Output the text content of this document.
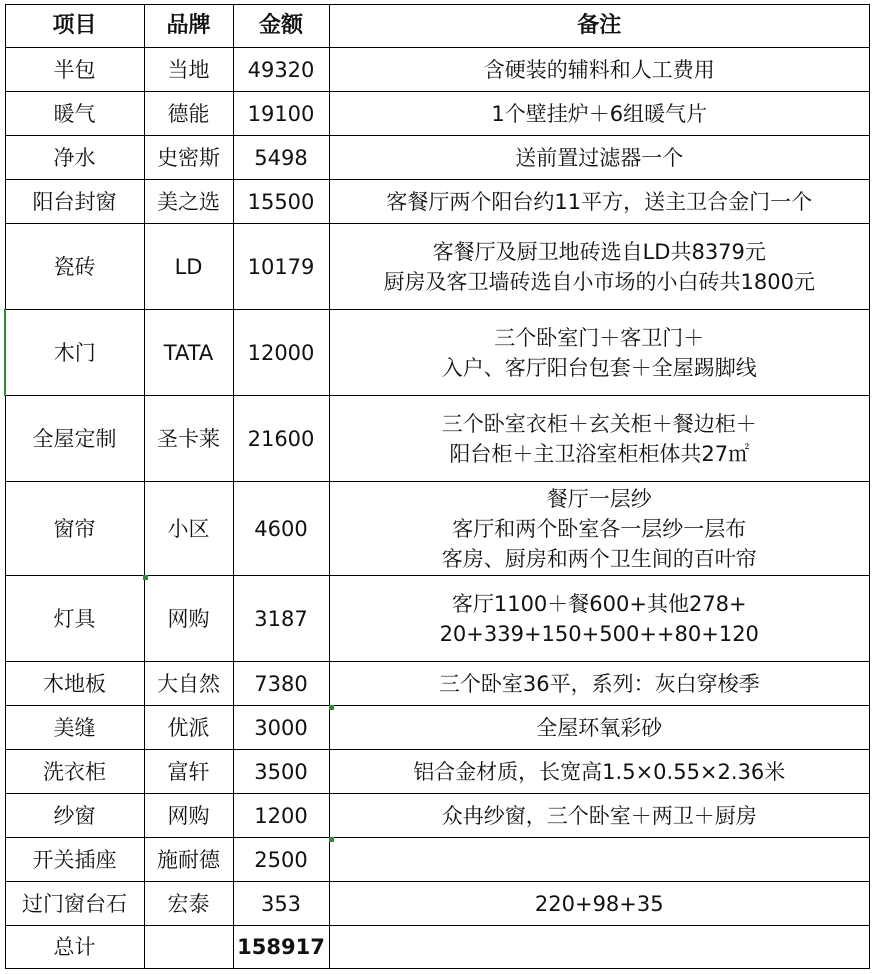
项目	品牌	金额	备注
半包	当地	49320	含硬装的辅料和人工费用

暖气	德能	19100	1个壁挂炉＋6组暖气片

净水	史密斯	5498	送前置过滤器一个

阳台封窗	美之选	15500	客餐厅两个阳台约11平方，送主卫合金门一个

瓷砖	LD	10179	客餐厅及厨卫地砖选自LD共8379元
厨房及客卫墙砖选自小市场的小白砖共1800元

木门	TATA	12000	三个卧室门＋客卫门＋
入户、客厅阳台包套＋全屋踢脚线

全屋定制	圣卡莱	21600	三个卧室衣柜＋玄关柜＋餐边柜＋
阳台柜＋主卫浴室柜柜体共27㎡

窗帘	小区	4600	餐厅一层纱
客厅和两个卧室各一层纱一层布
客房、厨房和两个卫生间的百叶帘

灯具	网购	3187	客厅1100＋餐600+其他278+
20+339+150+500++80+120

木地板	大自然	7380	三个卧室36平，系列：灰白穿梭季

美缝	优派	3000	全屋环氧彩砂

洗衣柜	富轩	3500	铝合金材质，长宽高1.5×0.55×2.36米

纱窗	网购	1200	众冉纱窗，三个卧室＋两卫＋厨房

开关插座	施耐德	2500	

过门窗台石	宏泰	353	220+98+35

总计		158917	
